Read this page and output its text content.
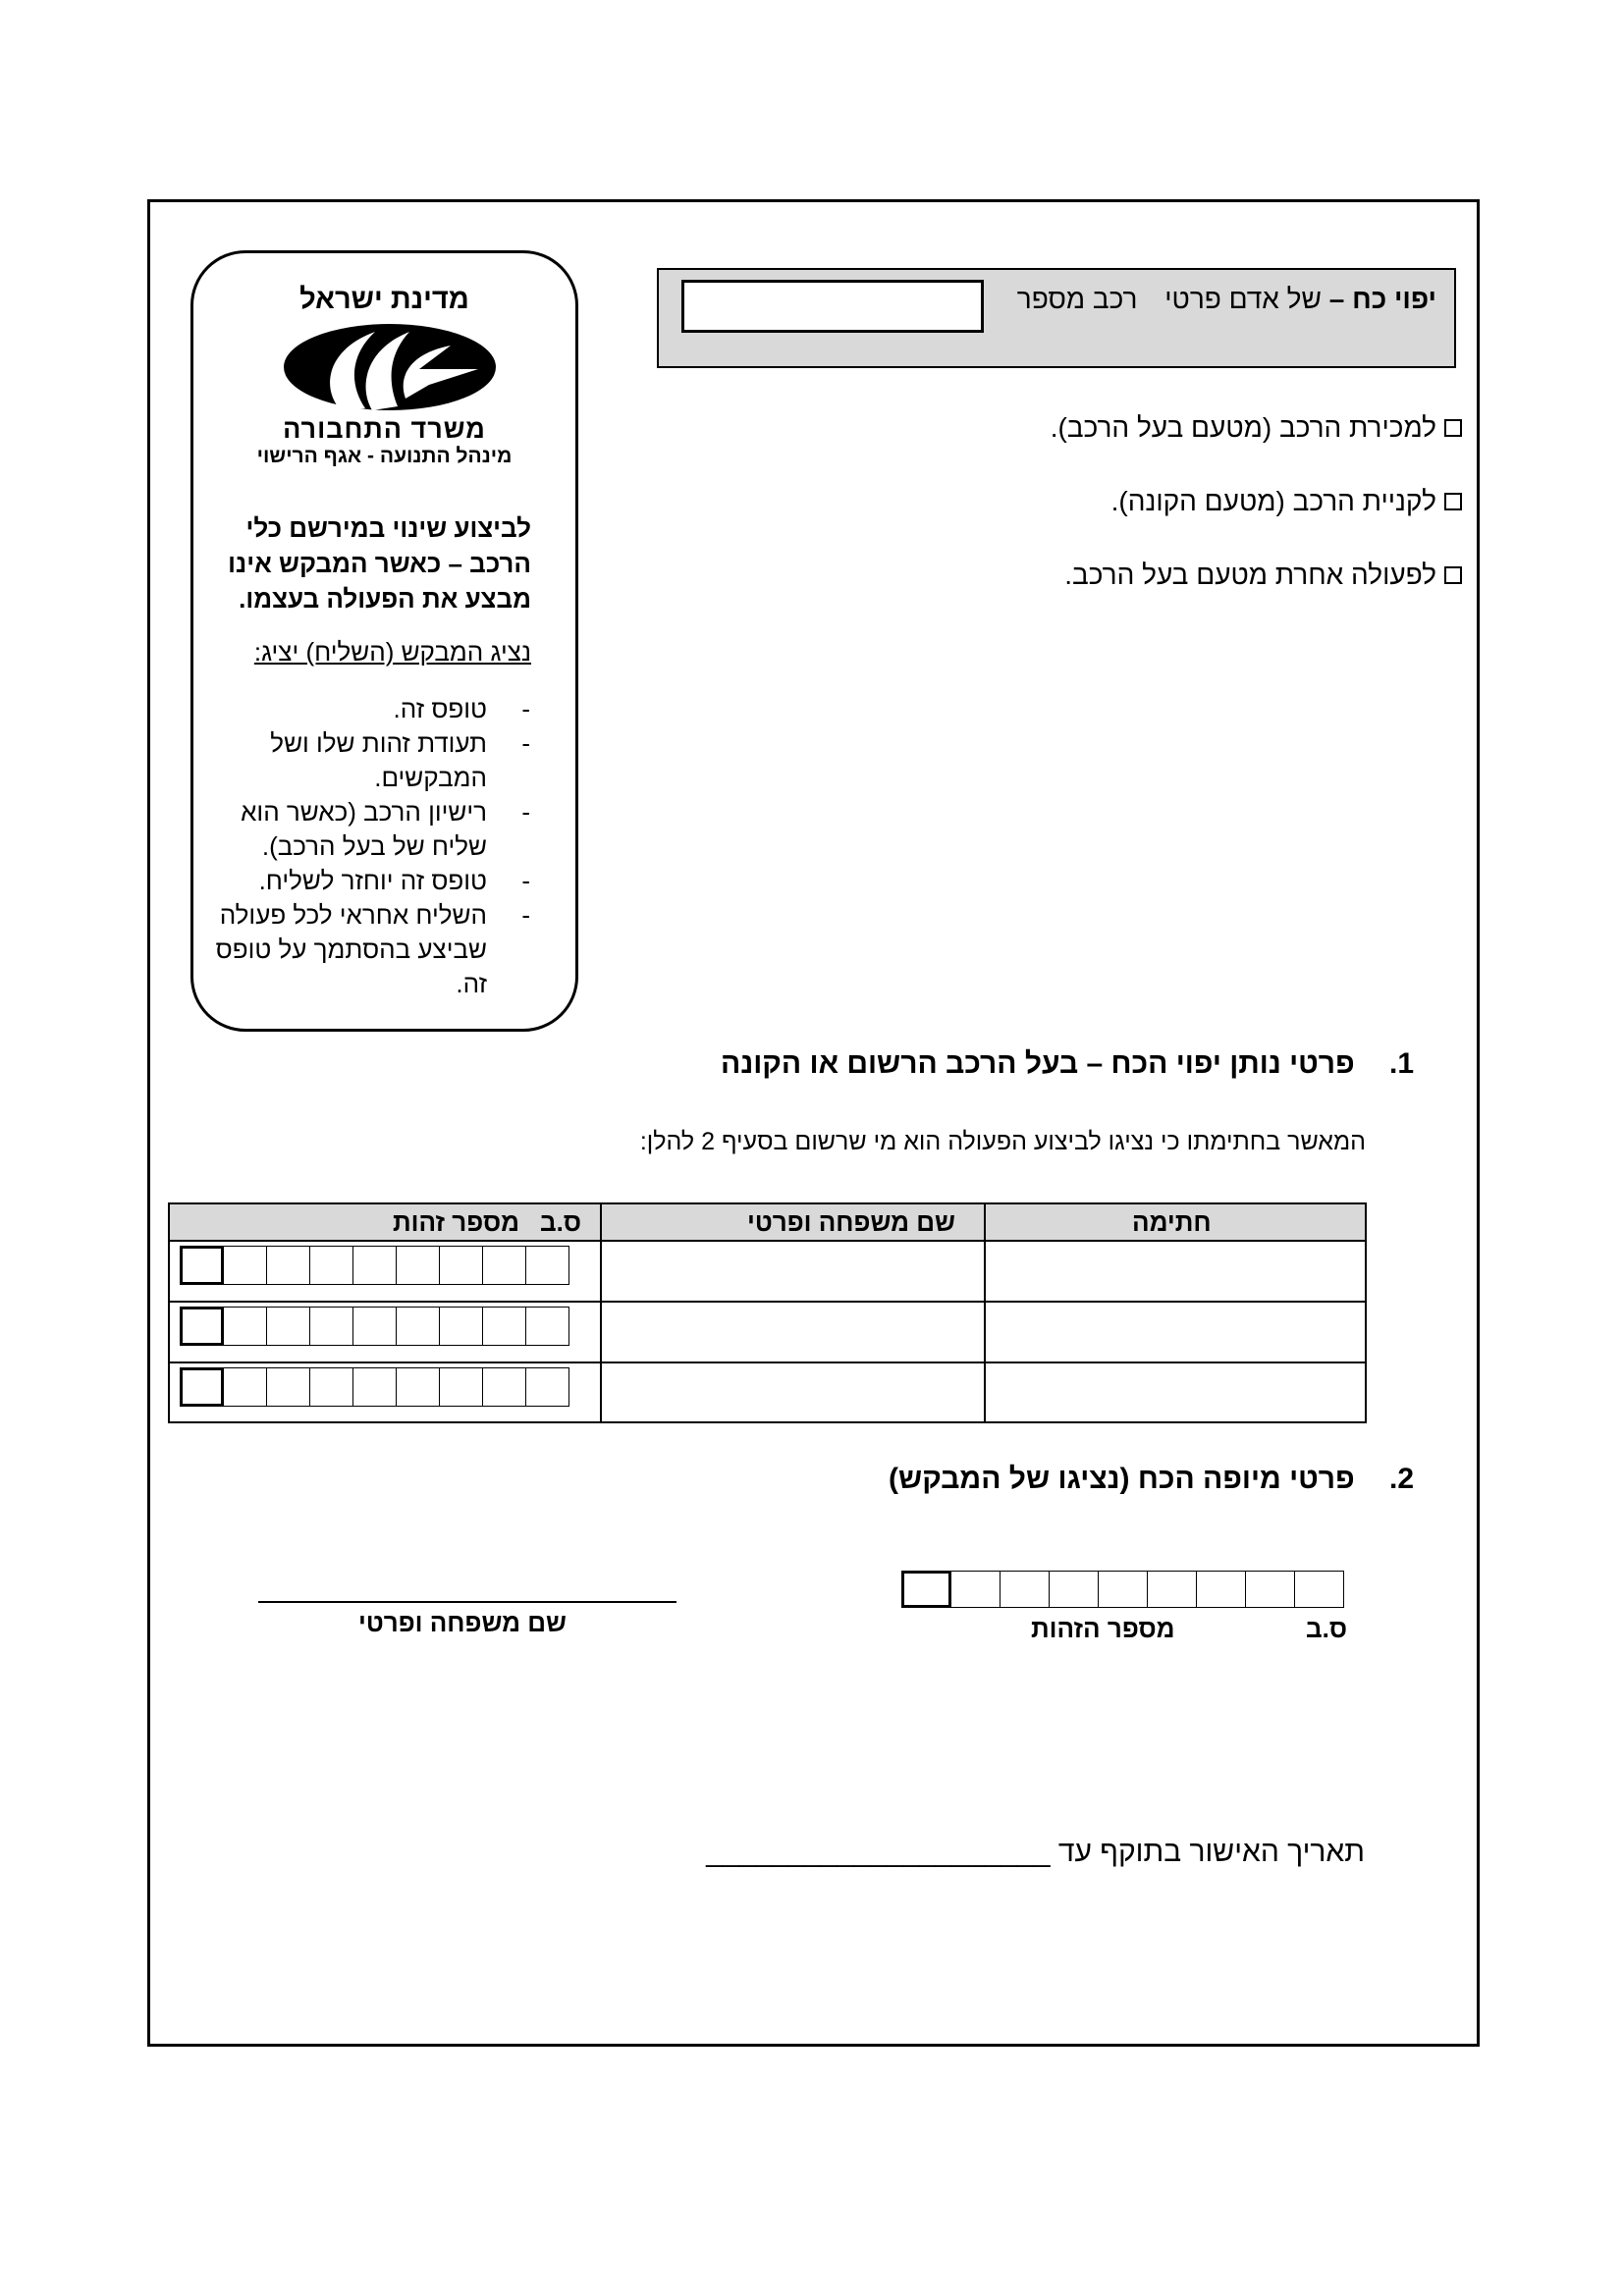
יפוי כח – של אדם פרטי רכב מספר
למכירת הרכב (מטעם בעל הרכב).
לקניית הרכב (מטעם הקונה).
לפעולה אחרת מטעם בעל הרכב.
מדינת ישראל
משרד התחבורה
מינהל התנועה - אגף הרישוי
לביצוע שינוי במירשם כלי
הרכב – כאשר המבקש אינו
מבצע את הפעולה בעצמו.
נציג המבקש (השליח) יציג:
- טופס זה.
- תעודת זהות שלו ושל המבקשים.
- רישיון הרכב (כאשר הוא שליח של בעל הרכב).
- טופס זה יוחזר לשליח.
- השליח אחראי לכל פעולה שביצע בהסתמך על טופס זה.
1. פרטי נותן יפוי הכח – בעל הרכב הרשום או הקונה
המאשר בחתימתו כי נציגו לביצוע הפעולה הוא מי שרשום בסעיף 2 להלן:
מספר זהות ס.ב	שם משפחה ופרטי	חתימה
2. פרטי מיופה הכח (נציגו של המבקש)
שם משפחה ופרטי	מספר הזהות	ס.ב
תאריך האישור בתוקף עד _____________________
